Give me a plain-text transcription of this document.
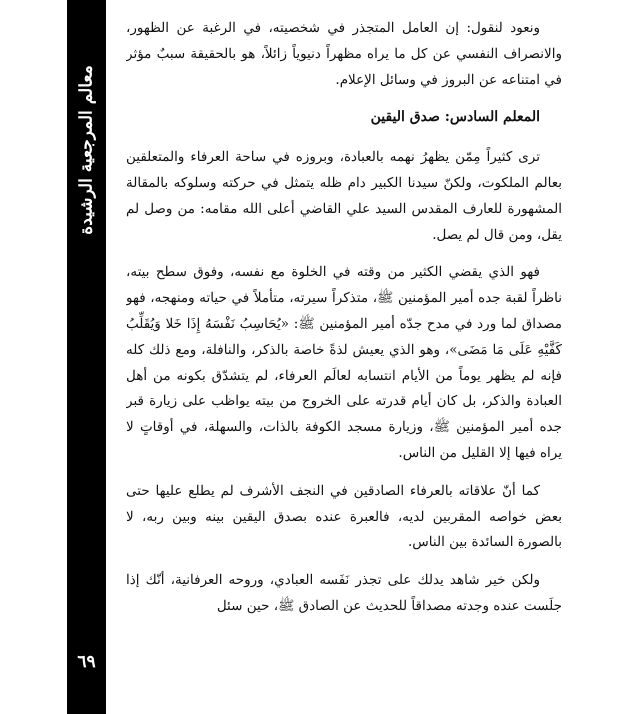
معالم المرجعية الرشيدة
٦٩

ونعود لنقول: إن العامل المتجذر في شخصيته، في الرغبة عن الظهور، والانصراف النفسي عن كل ما يراه مظهراً دنيوياً زائلاً، هو بالحقيقة سببٌ مؤثر في امتناعه عن البروز في وسائل الإعلام.

المعلم السادس: صدق اليقين

ترى كثيراً مِمّن يظهرُ نهمه بالعبادة، وبروزه في ساحة العرفاء والمتعلقين بعالم الملكوت، ولكنّ سيدنا الكبير دام ظله يتمثل في حركته وسلوكه بالمقالة المشهورة للعارف المقدس السيد علي القاضي أعلى الله مقامه: من وصل لم يقل، ومن قال لم يصل.

فهو الذي يقضي الكثير من وقته في الخلوة مع نفسه، وفوق سطح بيته، ناظراً لقبة جده أمير المؤمنين ﷺ، متذكراً سيرته، متأملاً في حياته ومنهجه، فهو مصداق لما ورد في مدح جدّه أمير المؤمنين ﷺ: «يُحَاسِبُ نَفْسَهُ إِذَا خَلا وَيُقَلِّبُ كَفَّيْهِ عَلَى مَا مَضَى»، وهو الذي يعيش لذةً خاصة بالذكر، والنافلة، ومع ذلك كله فإنه لم يظهر يوماً من الأيام انتسابه لعالَم العرفاء، لم يتشدّق بكونه من أهل العبادة والذكر، بل كان أيام قدرته على الخروج من بيته يواظب على زيارة قبر جده أمير المؤمنين ﷺ، وزيارة مسجد الكوفة بالذات، والسهلة، في أوقاتٍ لا يراه فيها إلا القليل من الناس.

كما أنّ علاقاته بالعرفاء الصادقين في النجف الأشرف لم يطلع عليها حتى بعض خواصه المقربين لديه، فالعبرة عنده بصدق اليقين بينه وبين ربه، لا بالصورة السائدة بين الناس.

ولكن خير شاهد يدلك على تجذر نَفَسه العبادي، وروحه العرفانية، أنّك إذا جلَست عنده وجدته مصداقاً للحديث عن الصادق ﷺ، حين سئل
